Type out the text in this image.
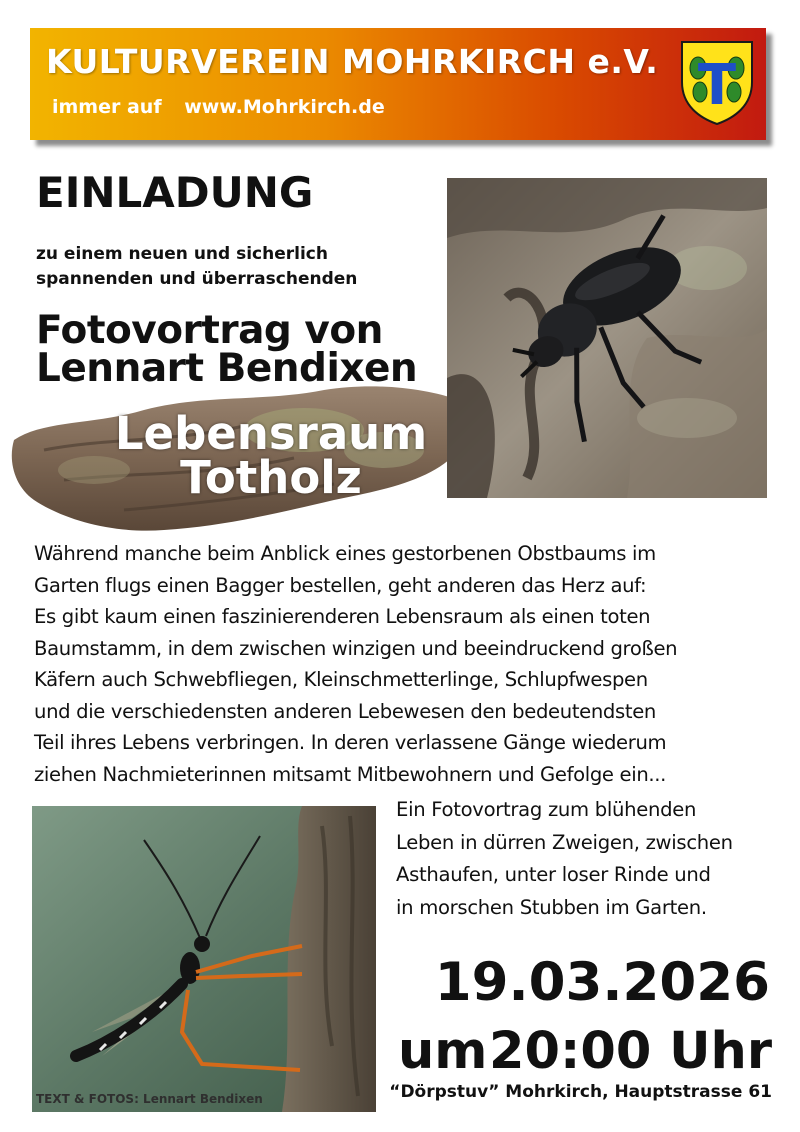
KULTURVEREIN MOHRKIRCH e.V.
immer auf www.Mohrkirch.de	T
EINLADUNG
zu einem neuen und sicherlich
spannenden und überraschenden
Fotovortrag von
Lennart Bendixen
Lebensraum
Totholz
Während manche beim Anblick eines gestorbenen Obstbaums im
Garten flugs einen Bagger bestellen, geht anderen das Herz auf:
Es gibt kaum einen faszinierenderen Lebensraum als einen toten
Baumstamm, in dem zwischen winzigen und beeindruckend großen
Käfern auch Schwebfliegen, Kleinschmetterlinge, Schlupfwespen
und die verschiedensten anderen Lebewesen den bedeutendsten
Teil ihres Lebens verbringen. In deren verlassene Gänge wiederum
ziehen Nachmieterinnen mitsamt Mitbewohnern und Gefolge ein...
TEXT & FOTOS: Lennart Bendixen
Ein Fotovortrag zum blühenden
Leben in dürren Zweigen, zwischen
Asthaufen, unter loser Rinde und
in morschen Stubben im Garten.
19.03.2026
um 20:00 Uhr
“Dörpstuv” Mohrkirch, Hauptstrasse 61
